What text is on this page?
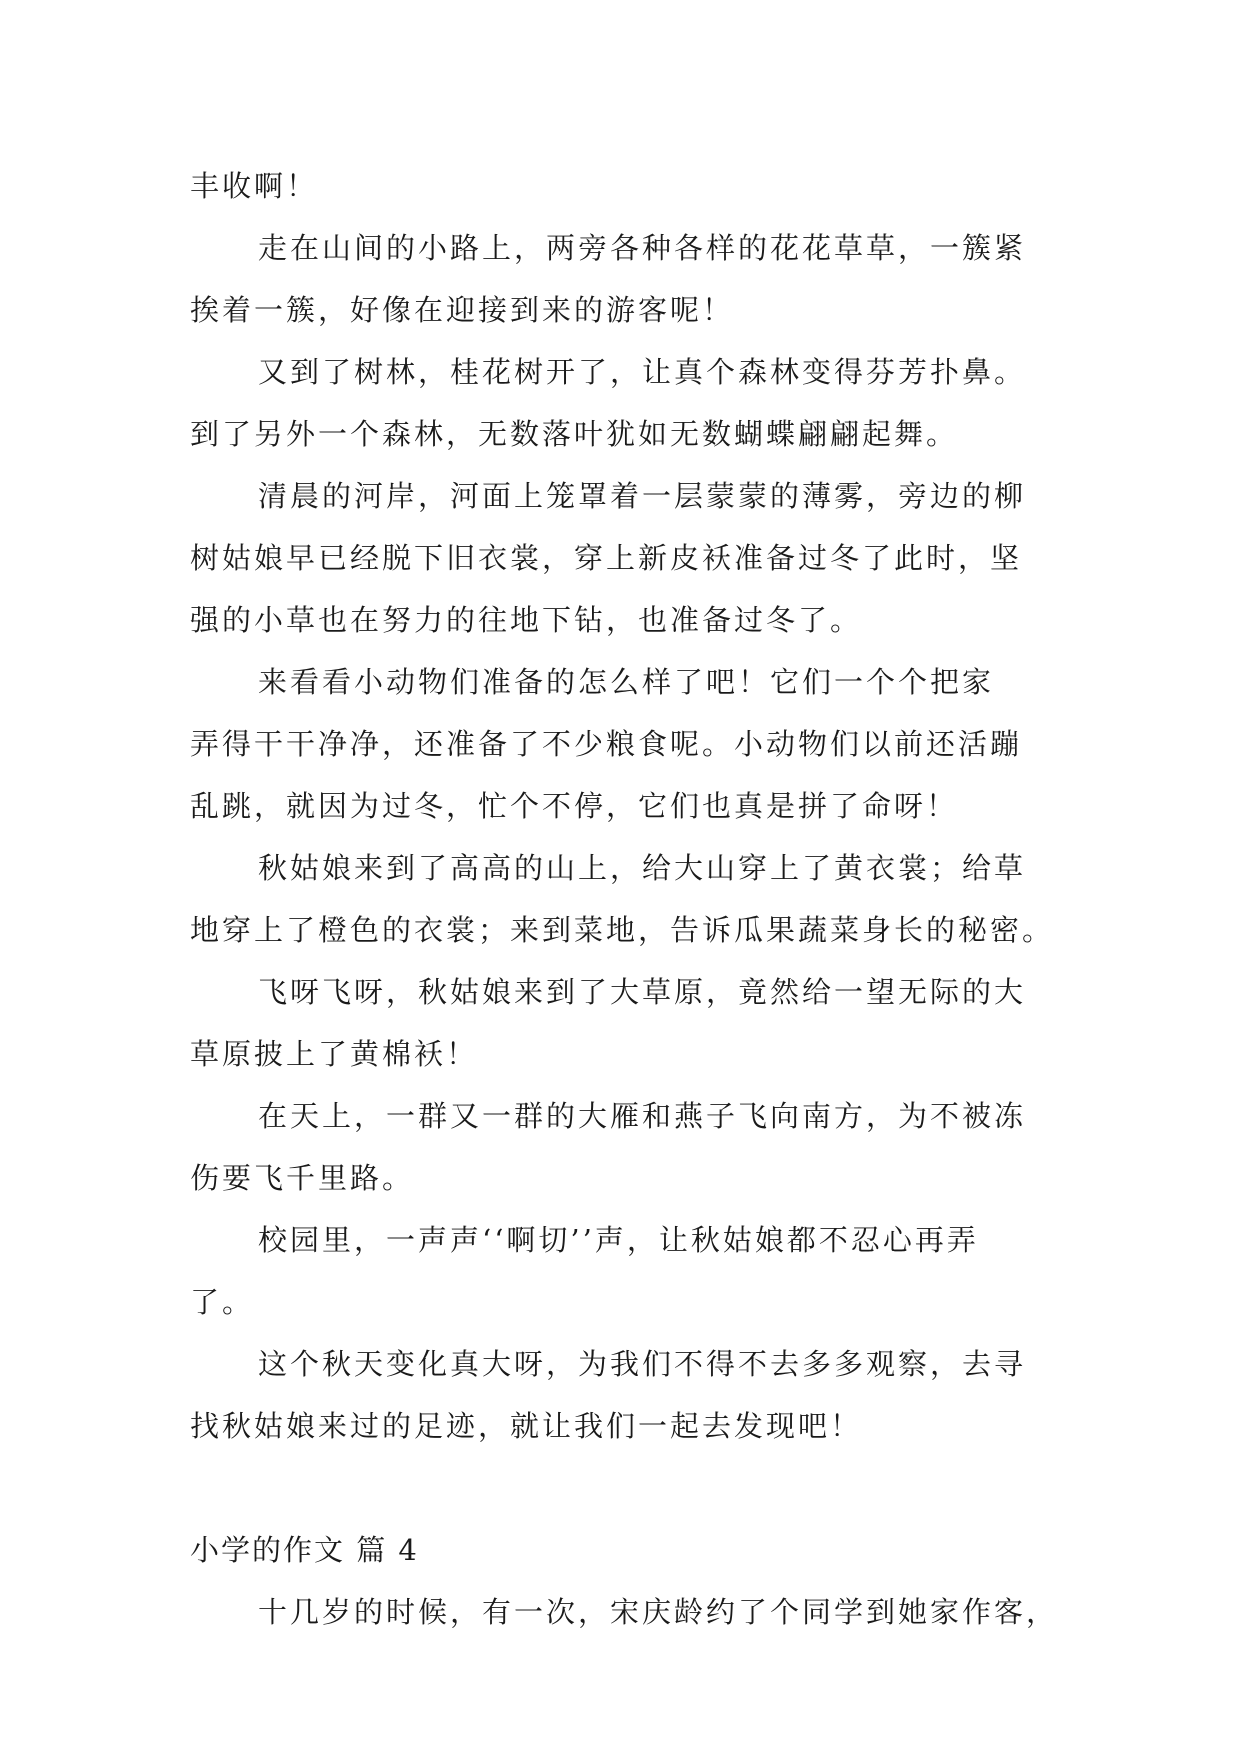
丰收啊！
走在山间的小路上，两旁各种各样的花花草草，一簇紧
挨着一簇，好像在迎接到来的游客呢！
又到了树林，桂花树开了，让真个森林变得芬芳扑鼻。
到了另外一个森林，无数落叶犹如无数蝴蝶翩翩起舞。
清晨的河岸，河面上笼罩着一层蒙蒙的薄雾，旁边的柳
树姑娘早已经脱下旧衣裳，穿上新皮袄准备过冬了此时，坚
强的小草也在努力的往地下钻，也准备过冬了。
来看看小动物们准备的怎么样了吧！它们一个个把家
弄得干干净净，还准备了不少粮食呢。小动物们以前还活蹦
乱跳，就因为过冬，忙个不停，它们也真是拼了命呀！
秋姑娘来到了高高的山上，给大山穿上了黄衣裳；给草
地穿上了橙色的衣裳；来到菜地，告诉瓜果蔬菜身长的秘密。
飞呀飞呀，秋姑娘来到了大草原，竟然给一望无际的大
草原披上了黄棉袄！
在天上，一群又一群的大雁和燕子飞向南方，为不被冻
伤要飞千里路。
校园里，一声声‘‘啊切’’声，让秋姑娘都不忍心再弄
了。
这个秋天变化真大呀，为我们不得不去多多观察，去寻
找秋姑娘来过的足迹，就让我们一起去发现吧！
小学的作文 篇 4
十几岁的时候，有一次，宋庆龄约了个同学到她家作客，
